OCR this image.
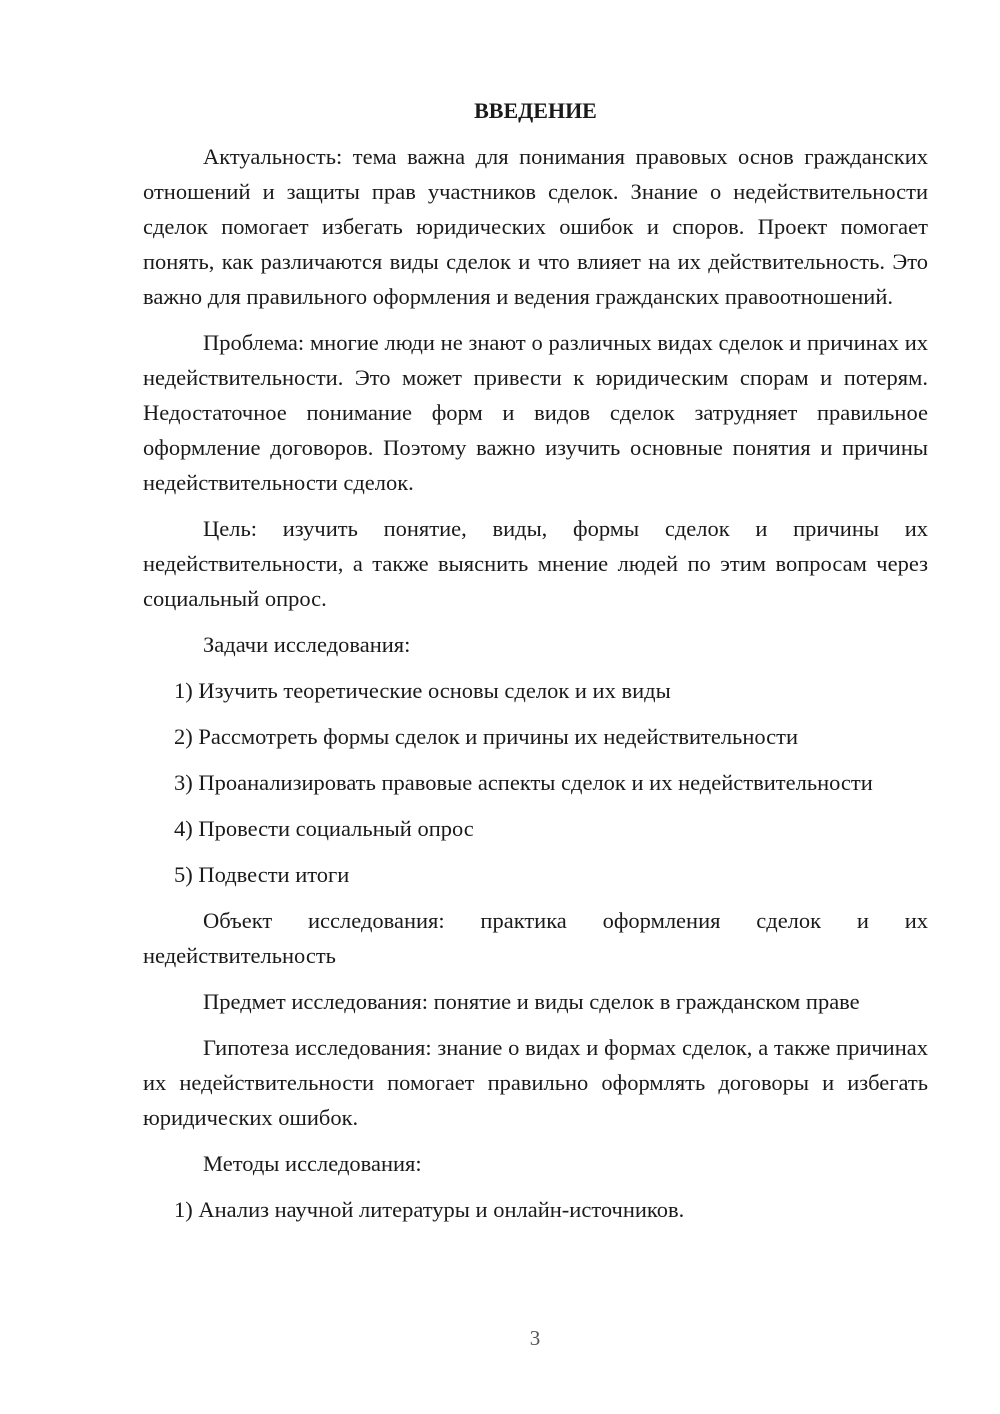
ВВЕДЕНИЕ

Актуальность: тема важна для понимания правовых основ гражданских отношений и защиты прав участников сделок. Знание о недействительности сделок помогает избегать юридических ошибок и споров. Проект помогает понять, как различаются виды сделок и что влияет на их действительность. Это важно для правильного оформления и ведения гражданских правоотношений.

Проблема: многие люди не знают о различных видах сделок и причинах их недействительности. Это может привести к юридическим спорам и потерям. Недостаточное понимание форм и видов сделок затрудняет правильное оформление договоров. Поэтому важно изучить основные понятия и причины недействительности сделок.

Цель: изучить понятие, виды, формы сделок и причины их недействительности, а также выяснить мнение людей по этим вопросам через социальный опрос.

Задачи исследования:

1) Изучить теоретические основы сделок и их виды

2) Рассмотреть формы сделок и причины их недействительности

3) Проанализировать правовые аспекты сделок и их недействительности

4) Провести социальный опрос

5) Подвести итоги

Объект исследования: практика оформления сделок и их недействительность

Предмет исследования: понятие и виды сделок в гражданском праве

Гипотеза исследования: знание о видах и формах сделок, а также причинах их недействительности помогает правильно оформлять договоры и избегать юридических ошибок.

Методы исследования:

1) Анализ научной литературы и онлайн-источников.

3
